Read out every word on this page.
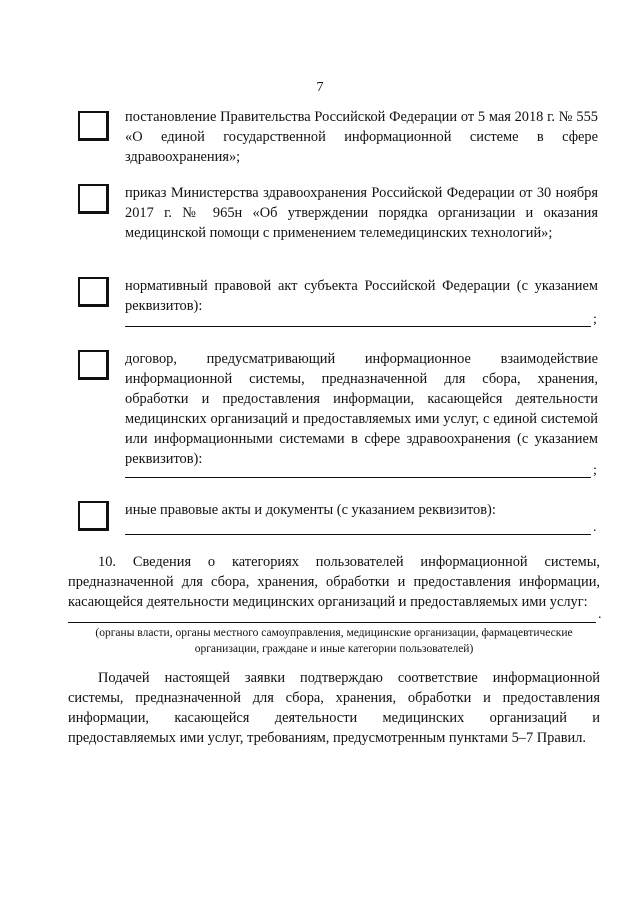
7
постановление Правительства Российской Федерации от 5 мая 2018 г. № 555 «О единой государственной информационной системе в сфере здравоохранения»;
приказ Министерства здравоохранения Российской Федерации от 30 ноября 2017 г. № 965н «Об утверждении порядка организации и оказания медицинской помощи с применением телемедицинских технологий»;
нормативный правовой акт субъекта Российской Федерации (с указанием реквизитов):
;
договор, предусматривающий информационное взаимодействие информационной системы, предназначенной для сбора, хранения, обработки и предоставления информации, касающейся деятельности медицинских организаций и предоставляемых ими услуг, с единой системой или информационными системами в сфере здравоохранения (с указанием реквизитов):
;
иные правовые акты и документы (с указанием реквизитов):
.
10. Сведения о категориях пользователей информационной системы, предназначенной для сбора, хранения, обработки и предоставления информации, касающейся деятельности медицинских организаций и предоставляемых ими услуг:
.
(органы власти, органы местного самоуправления, медицинские организации, фармацевтические организации, граждане и иные категории пользователей)
Подачей настоящей заявки подтверждаю соответствие информационной системы, предназначенной для сбора, хранения, обработки и предоставления информации, касающейся деятельности медицинских организаций и предоставляемых ими услуг, требованиям, предусмотренным пунктами 5–7 Правил.
